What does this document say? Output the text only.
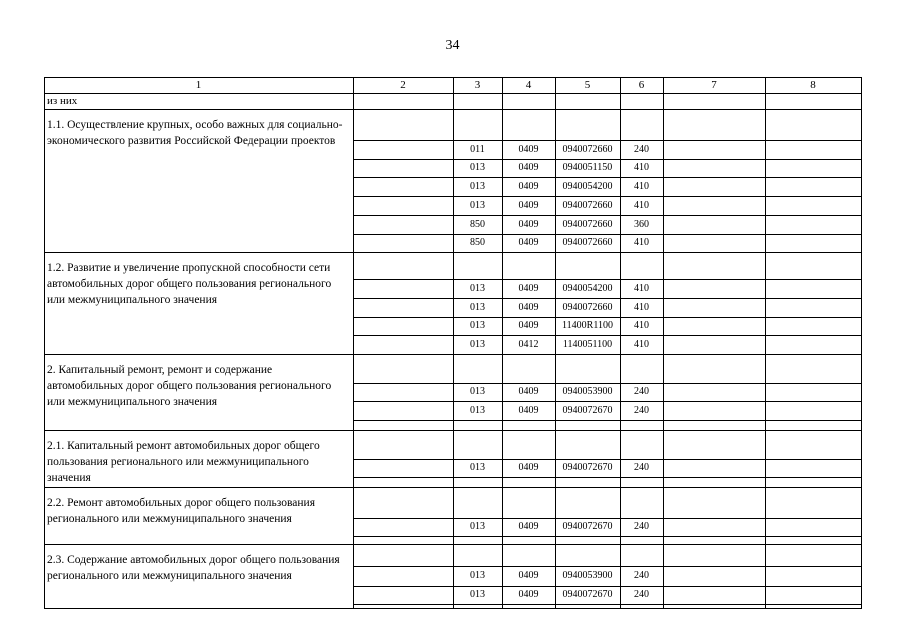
34
1	2	3	4	5	6	7	8
из них
1.1. Осуществление крупных, особо важных для социально-экономического развития Российской Федерации проектов
011	0409	0940072660	240
013	0409	0940051150	410
013	0409	0940054200	410
013	0409	0940072660	410
850	0409	0940072660	360
850	0409	0940072660	410
1.2. Развитие и увеличение пропускной способности сети автомобильных дорог общего пользования регионального или межмуниципального значения
013	0409	0940054200	410
013	0409	0940072660	410
013	0409	11400R1100	410
013	0412	1140051100	410
2. Капитальный ремонт, ремонт и содержание автомобильных дорог общего пользования регионального или межмуниципального значения
013	0409	0940053900	240
013	0409	0940072670	240
2.1. Капитальный ремонт автомобильных дорог общего пользования регионального или межмуниципального значения
013	0409	0940072670	240
2.2. Ремонт автомобильных дорог общего пользования регионального или межмуниципального значения
013	0409	0940072670	240
2.3. Содержание автомобильных дорог общего пользования регионального или межмуниципального значения	013	0409	0940053900	240
013	0409	0940072670	240
